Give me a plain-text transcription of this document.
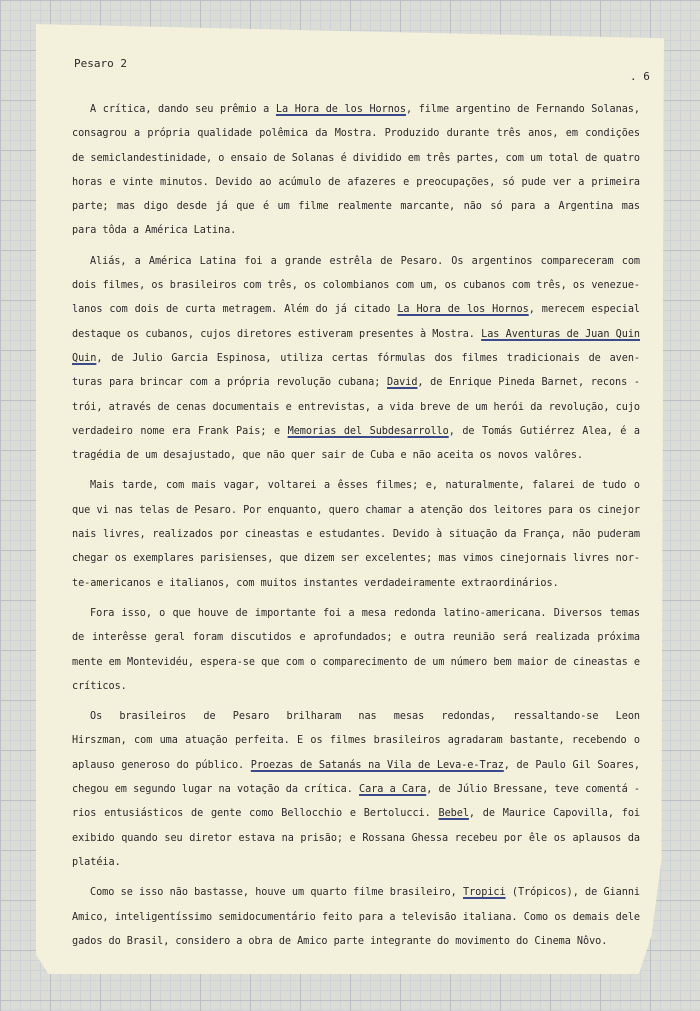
Pesaro 2
. 6
A crítica, dando seu prêmio a La Hora de los Hornos, filme argentino de Fernando Solanas,
consagrou a própria qualidade polêmica da Mostra. Produzido durante três anos, em condições
de semiclandestinidade, o ensaio de Solanas é dividido em três partes, com um total de quatro
horas e vinte minutos. Devido ao acúmulo de afazeres e preocupações, só pude ver a primeira
parte; mas digo desde já que é um filme realmente marcante, não só para a Argentina mas
para tôda a América Latina.
Aliás, a América Latina foi a grande estrêla de Pesaro. Os argentinos compareceram com
dois filmes, os brasileiros com três, os colombianos com um, os cubanos com três, os venezue-
lanos com dois de curta metragem. Além do já citado La Hora de los Hornos, merecem especial
destaque os cubanos, cujos diretores estiveram presentes à Mostra. Las Aventuras de Juan Quin
Quin, de Julio Garcia Espinosa, utiliza certas fórmulas dos filmes tradicionais de aven-
turas para brincar com a própria revolução cubana; David, de Enrique Pineda Barnet, recons -
trói, através de cenas documentais e entrevistas, a vida breve de um herói da revolução, cujo
verdadeiro nome era Frank Pais; e Memorias del Subdesarrollo, de Tomás Gutiérrez Alea, é a
tragédia de um desajustado, que não quer sair de Cuba e não aceita os novos valôres.
Mais tarde, com mais vagar, voltarei a êsses filmes; e, naturalmente, falarei de tudo o
que vi nas telas de Pesaro. Por enquanto, quero chamar a atenção dos leitores para os cinejor
nais livres, realizados por cineastas e estudantes. Devido à situação da França, não puderam
chegar os exemplares parisienses, que dizem ser excelentes; mas vimos cinejornais livres nor-
te-americanos e italianos, com muitos instantes verdadeiramente extraordinários.
Fora isso, o que houve de importante foi a mesa redonda latino-americana. Diversos temas
de interêsse geral foram discutidos e aprofundados; e outra reunião será realizada próxima
mente em Montevidéu, espera-se que com o comparecimento de um número bem maior de cineastas e
críticos.
Os brasileiros de Pesaro brilharam nas mesas redondas, ressaltando-se Leon
Hirszman, com uma atuação perfeita. E os filmes brasileiros agradaram bastante, recebendo o
aplauso generoso do público. Proezas de Satanás na Vila de Leva-e-Traz, de Paulo Gil Soares,
chegou em segundo lugar na votação da crítica. Cara a Cara, de Júlio Bressane, teve comentá -
rios entusiásticos de gente como Bellocchio e Bertolucci. Bebel, de Maurice Capovilla, foi
exibido quando seu diretor estava na prisão; e Rossana Ghessa recebeu por êle os aplausos da
platéia.
Como se isso não bastasse, houve um quarto filme brasileiro, Tropici (Trópicos), de Gianni
Amico, inteligentíssimo semidocumentário feito para a televisão italiana. Como os demais dele
gados do Brasil, considero a obra de Amico parte integrante do movimento do Cinema Nôvo.
